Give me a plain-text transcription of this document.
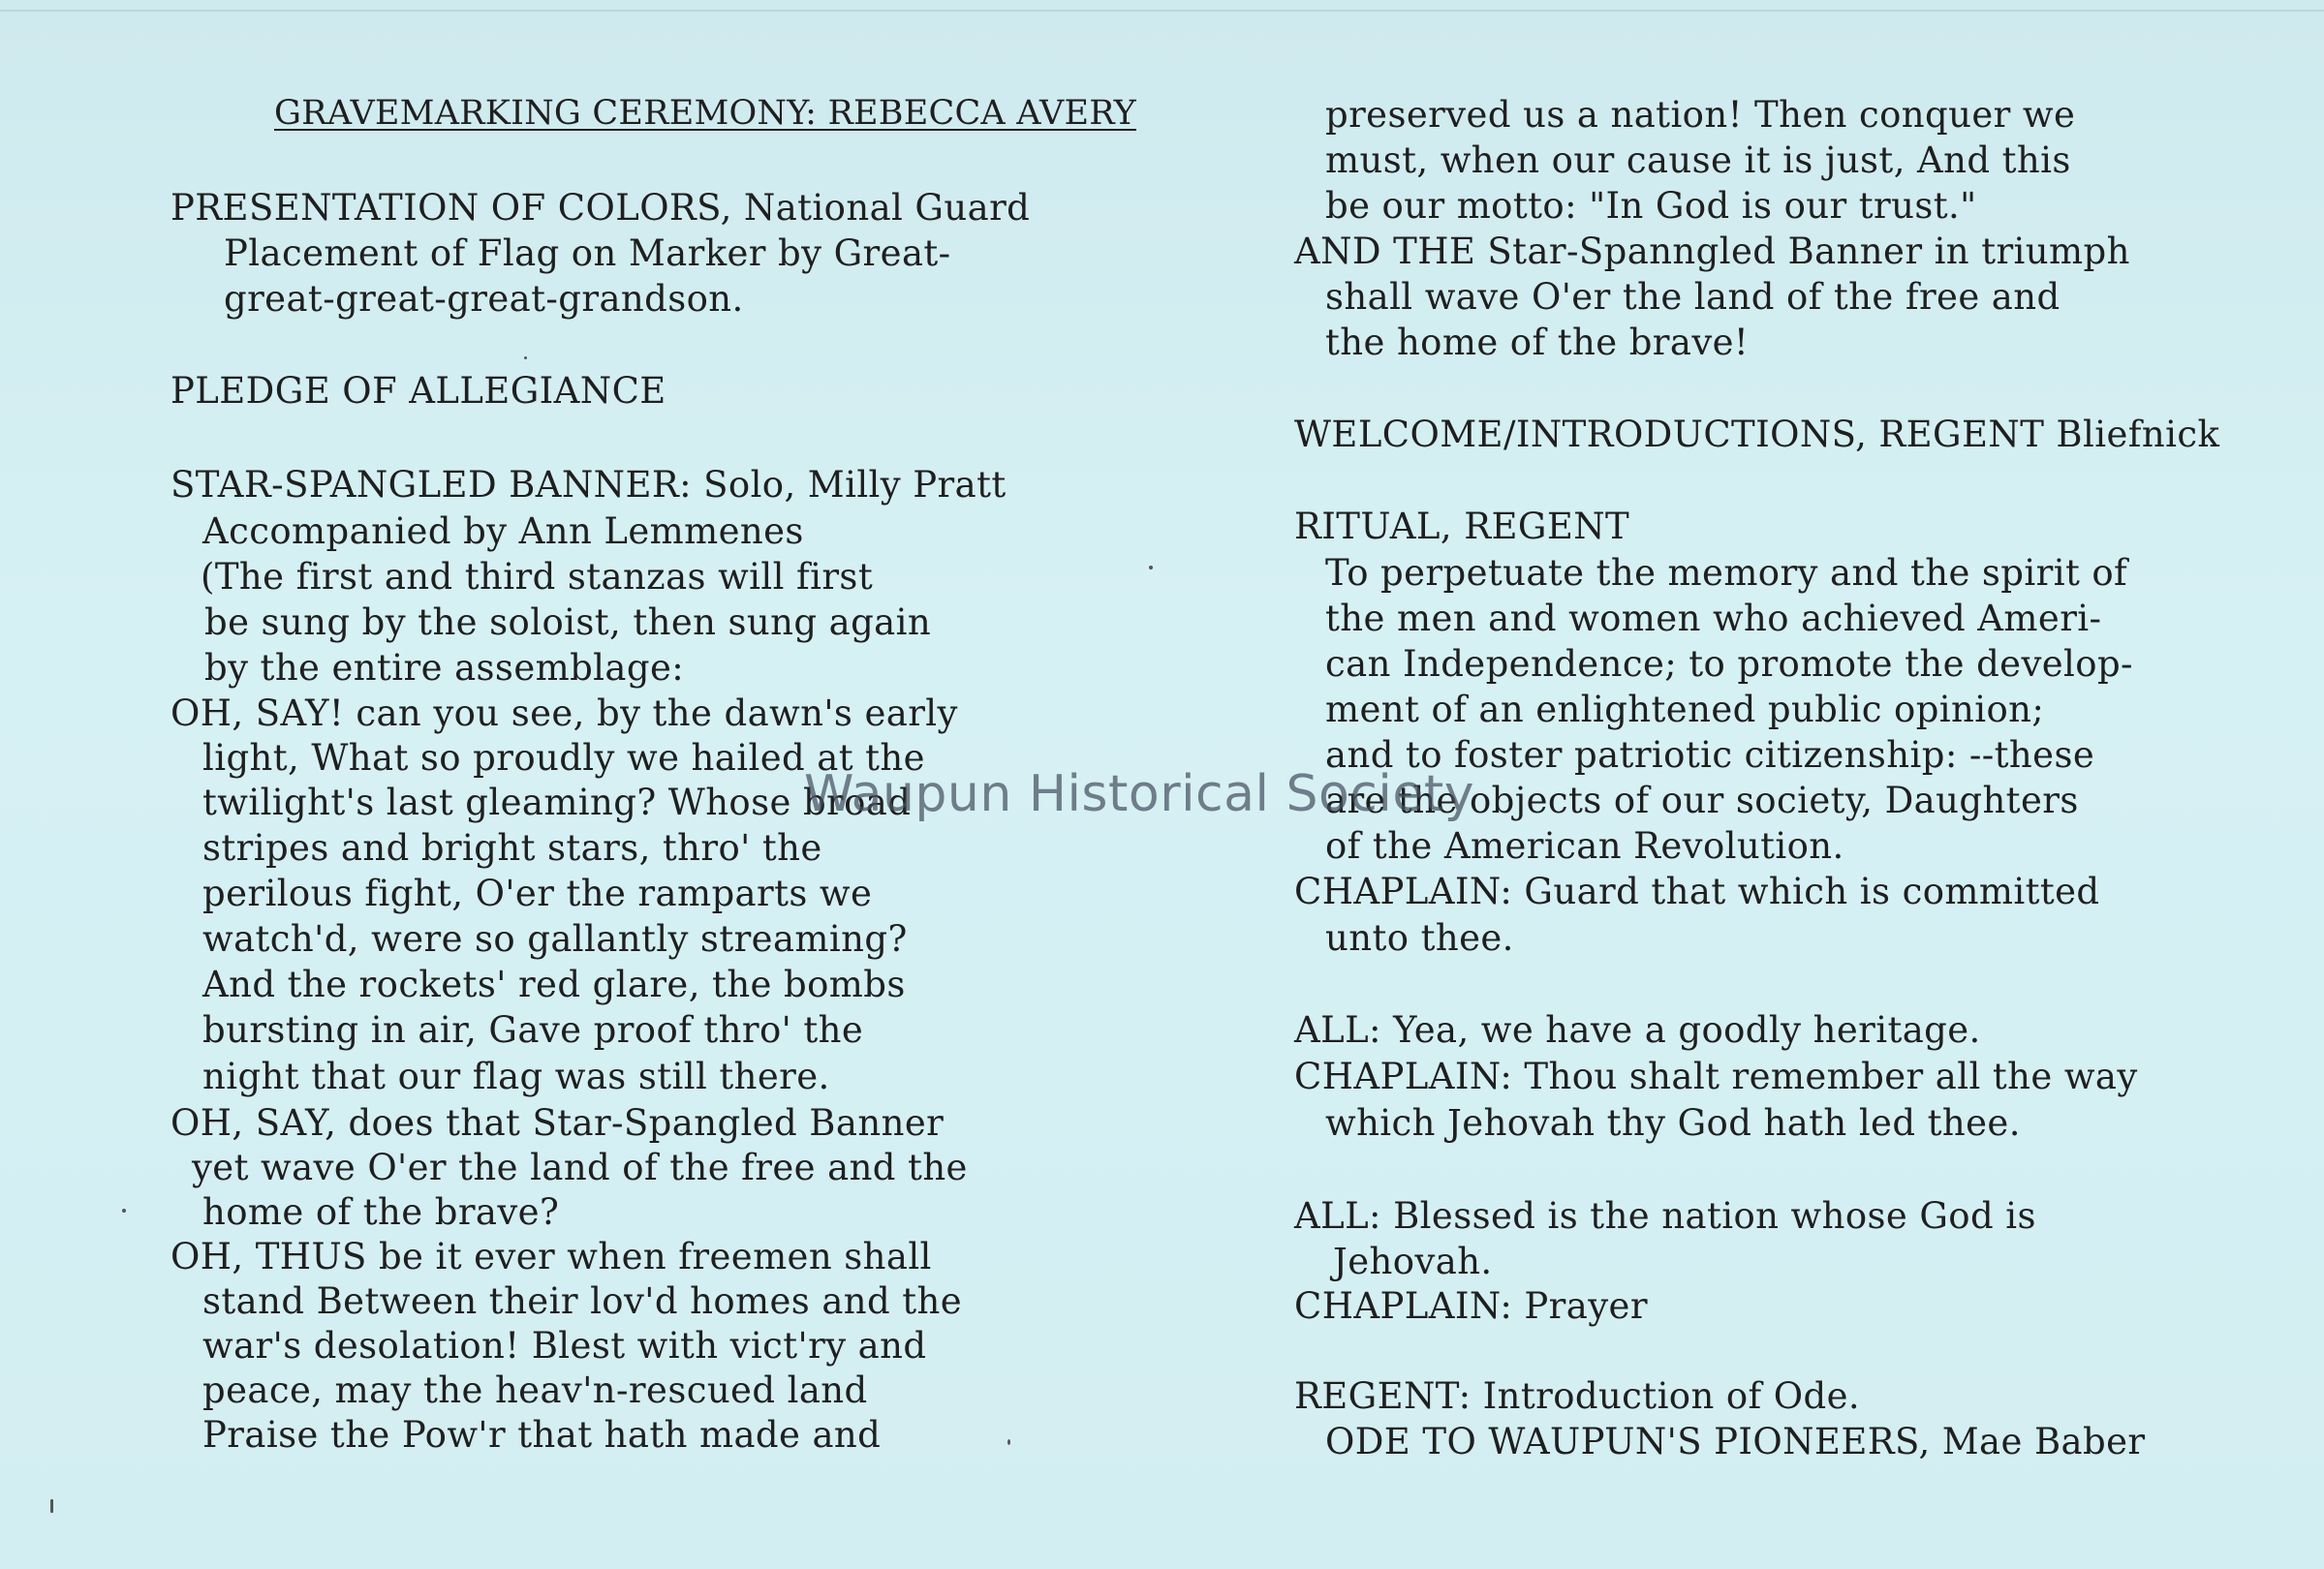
GRAVEMARKING CEREMONY: REBECCA AVERY
PRESENTATION OF COLORS, National Guard
Placement of Flag on Marker by Great-
great-great-great-grandson.
PLEDGE OF ALLEGIANCE
STAR-SPANGLED BANNER: Solo, Milly Pratt
Accompanied by Ann Lemmenes
(The first and third stanzas will first
be sung by the soloist, then sung again
by the entire assemblage:
OH, SAY! can you see, by the dawn's early
light, What so proudly we hailed at the
twilight's last gleaming? Whose broad
stripes and bright stars, thro' the
perilous fight, O'er the ramparts we
watch'd, were so gallantly streaming?
And the rockets' red glare, the bombs
bursting in air, Gave proof thro' the
night that our flag was still there.
OH, SAY, does that Star-Spangled Banner
yet wave O'er the land of the free and the
home of the brave?
OH, THUS be it ever when freemen shall
stand Between their lov'd homes and the
war's desolation! Blest with vict'ry and
peace, may the heav'n-rescued land
Praise the Pow'r that hath made and
preserved us a nation! Then conquer we
must, when our cause it is just, And this
be our motto: "In God is our trust."
AND THE Star-Spanngled Banner in triumph
shall wave O'er the land of the free and
the home of the brave!
WELCOME/INTRODUCTIONS, REGENT Bliefnick
RITUAL, REGENT
To perpetuate the memory and the spirit of
the men and women who achieved Ameri-
can Independence; to promote the develop-
ment of an enlightened public opinion;
and to foster patriotic citizenship: --these
are the objects of our society, Daughters
of the American Revolution.
CHAPLAIN: Guard that which is committed
unto thee.
ALL: Yea, we have a goodly heritage.
CHAPLAIN: Thou shalt remember all the way
which Jehovah thy God hath led thee.
ALL: Blessed is the nation whose God is
Jehovah.
CHAPLAIN: Prayer
REGENT: Introduction of Ode.
ODE TO WAUPUN'S PIONEERS, Mae Baber
Waupun Historical Society
